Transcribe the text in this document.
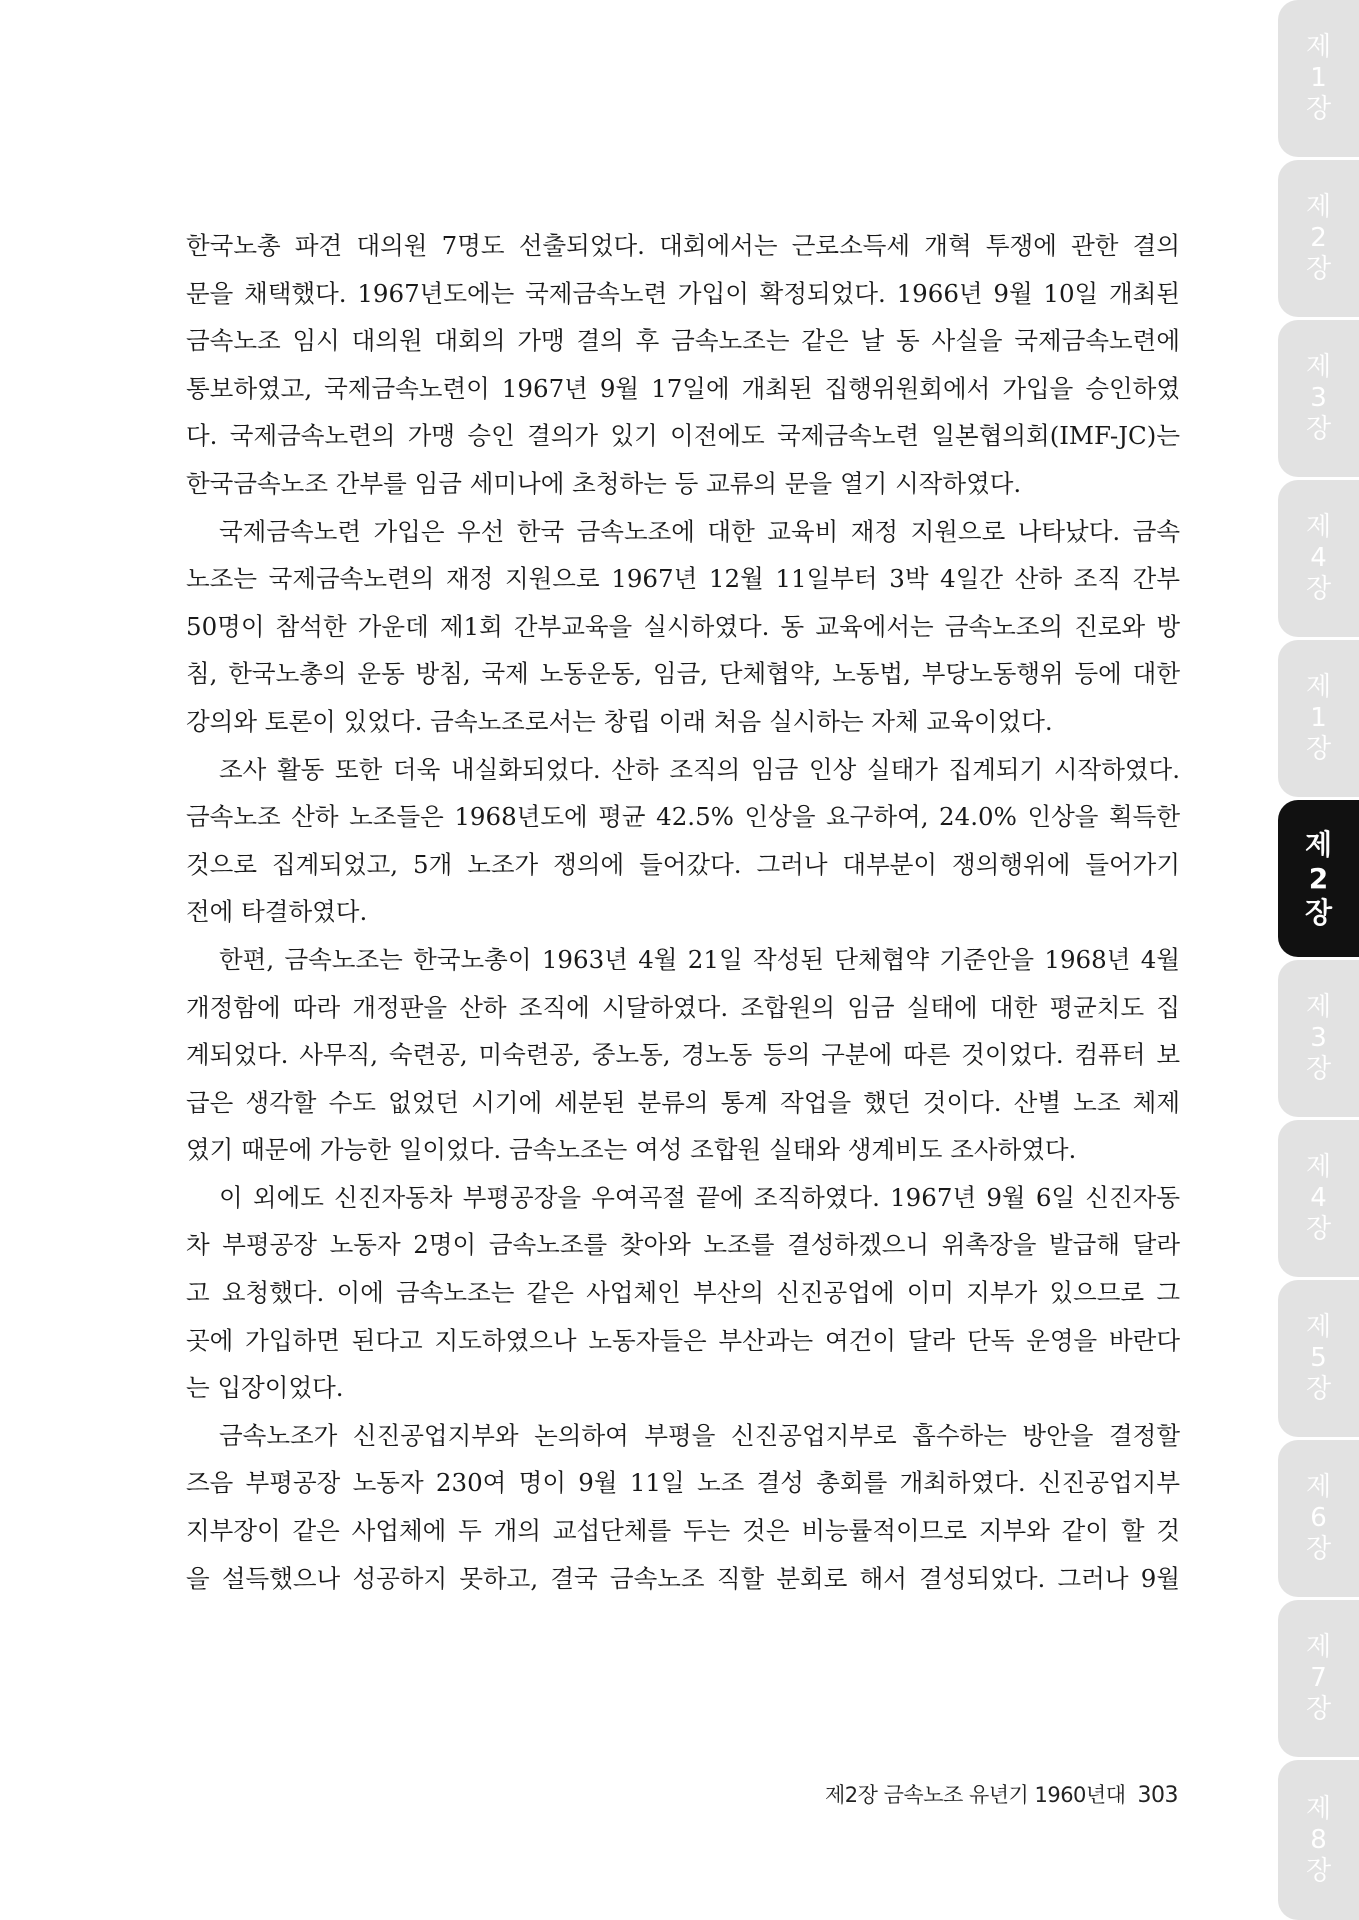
한국노총 파견 대의원 7명도 선출되었다. 대회에서는 근로소득세 개혁 투쟁에 관한 결의
문을 채택했다. 1967년도에는 국제금속노련 가입이 확정되었다. 1966년 9월 10일 개최된
금속노조 임시 대의원 대회의 가맹 결의 후 금속노조는 같은 날 동 사실을 국제금속노련에
통보하였고, 국제금속노련이 1967년 9월 17일에 개최된 집행위원회에서 가입을 승인하였
다. 국제금속노련의 가맹 승인 결의가 있기 이전에도 국제금속노련 일본협의회(IMF-JC)는
한국금속노조 간부를 임금 세미나에 초청하는 등 교류의 문을 열기 시작하였다.
국제금속노련 가입은 우선 한국 금속노조에 대한 교육비 재정 지원으로 나타났다. 금속
노조는 국제금속노련의 재정 지원으로 1967년 12월 11일부터 3박 4일간 산하 조직 간부
50명이 참석한 가운데 제1회 간부교육을 실시하였다. 동 교육에서는 금속노조의 진로와 방
침, 한국노총의 운동 방침, 국제 노동운동, 임금, 단체협약, 노동법, 부당노동행위 등에 대한
강의와 토론이 있었다. 금속노조로서는 창립 이래 처음 실시하는 자체 교육이었다.
조사 활동 또한 더욱 내실화되었다. 산하 조직의 임금 인상 실태가 집계되기 시작하였다.
금속노조 산하 노조들은 1968년도에 평균 42.5% 인상을 요구하여, 24.0% 인상을 획득한
것으로 집계되었고, 5개 노조가 쟁의에 들어갔다. 그러나 대부분이 쟁의행위에 들어가기
전에 타결하였다.
한편, 금속노조는 한국노총이 1963년 4월 21일 작성된 단체협약 기준안을 1968년 4월
개정함에 따라 개정판을 산하 조직에 시달하였다. 조합원의 임금 실태에 대한 평균치도 집
계되었다. 사무직, 숙련공, 미숙련공, 중노동, 경노동 등의 구분에 따른 것이었다. 컴퓨터 보
급은 생각할 수도 없었던 시기에 세분된 분류의 통계 작업을 했던 것이다. 산별 노조 체제
였기 때문에 가능한 일이었다. 금속노조는 여성 조합원 실태와 생계비도 조사하였다.
이 외에도 신진자동차 부평공장을 우여곡절 끝에 조직하였다. 1967년 9월 6일 신진자동
차 부평공장 노동자 2명이 금속노조를 찾아와 노조를 결성하겠으니 위촉장을 발급해 달라
고 요청했다. 이에 금속노조는 같은 사업체인 부산의 신진공업에 이미 지부가 있으므로 그
곳에 가입하면 된다고 지도하였으나 노동자들은 부산과는 여건이 달라 단독 운영을 바란다
는 입장이었다.
금속노조가 신진공업지부와 논의하여 부평을 신진공업지부로 흡수하는 방안을 결정할
즈음 부평공장 노동자 230여 명이 9월 11일 노조 결성 총회를 개최하였다. 신진공업지부
지부장이 같은 사업체에 두 개의 교섭단체를 두는 것은 비능률적이므로 지부와 같이 할 것
을 설득했으나 성공하지 못하고, 결국 금속노조 직할 분회로 해서 결성되었다. 그러나 9월
제2장 금속노조 유년기 1960년대 303
제
1
장
제
2
장
제
3
장
제
4
장
제
1
장
제
2
장
제
3
장
제
4
장
제
5
장
제
6
장
제
7
장
제
8
장
